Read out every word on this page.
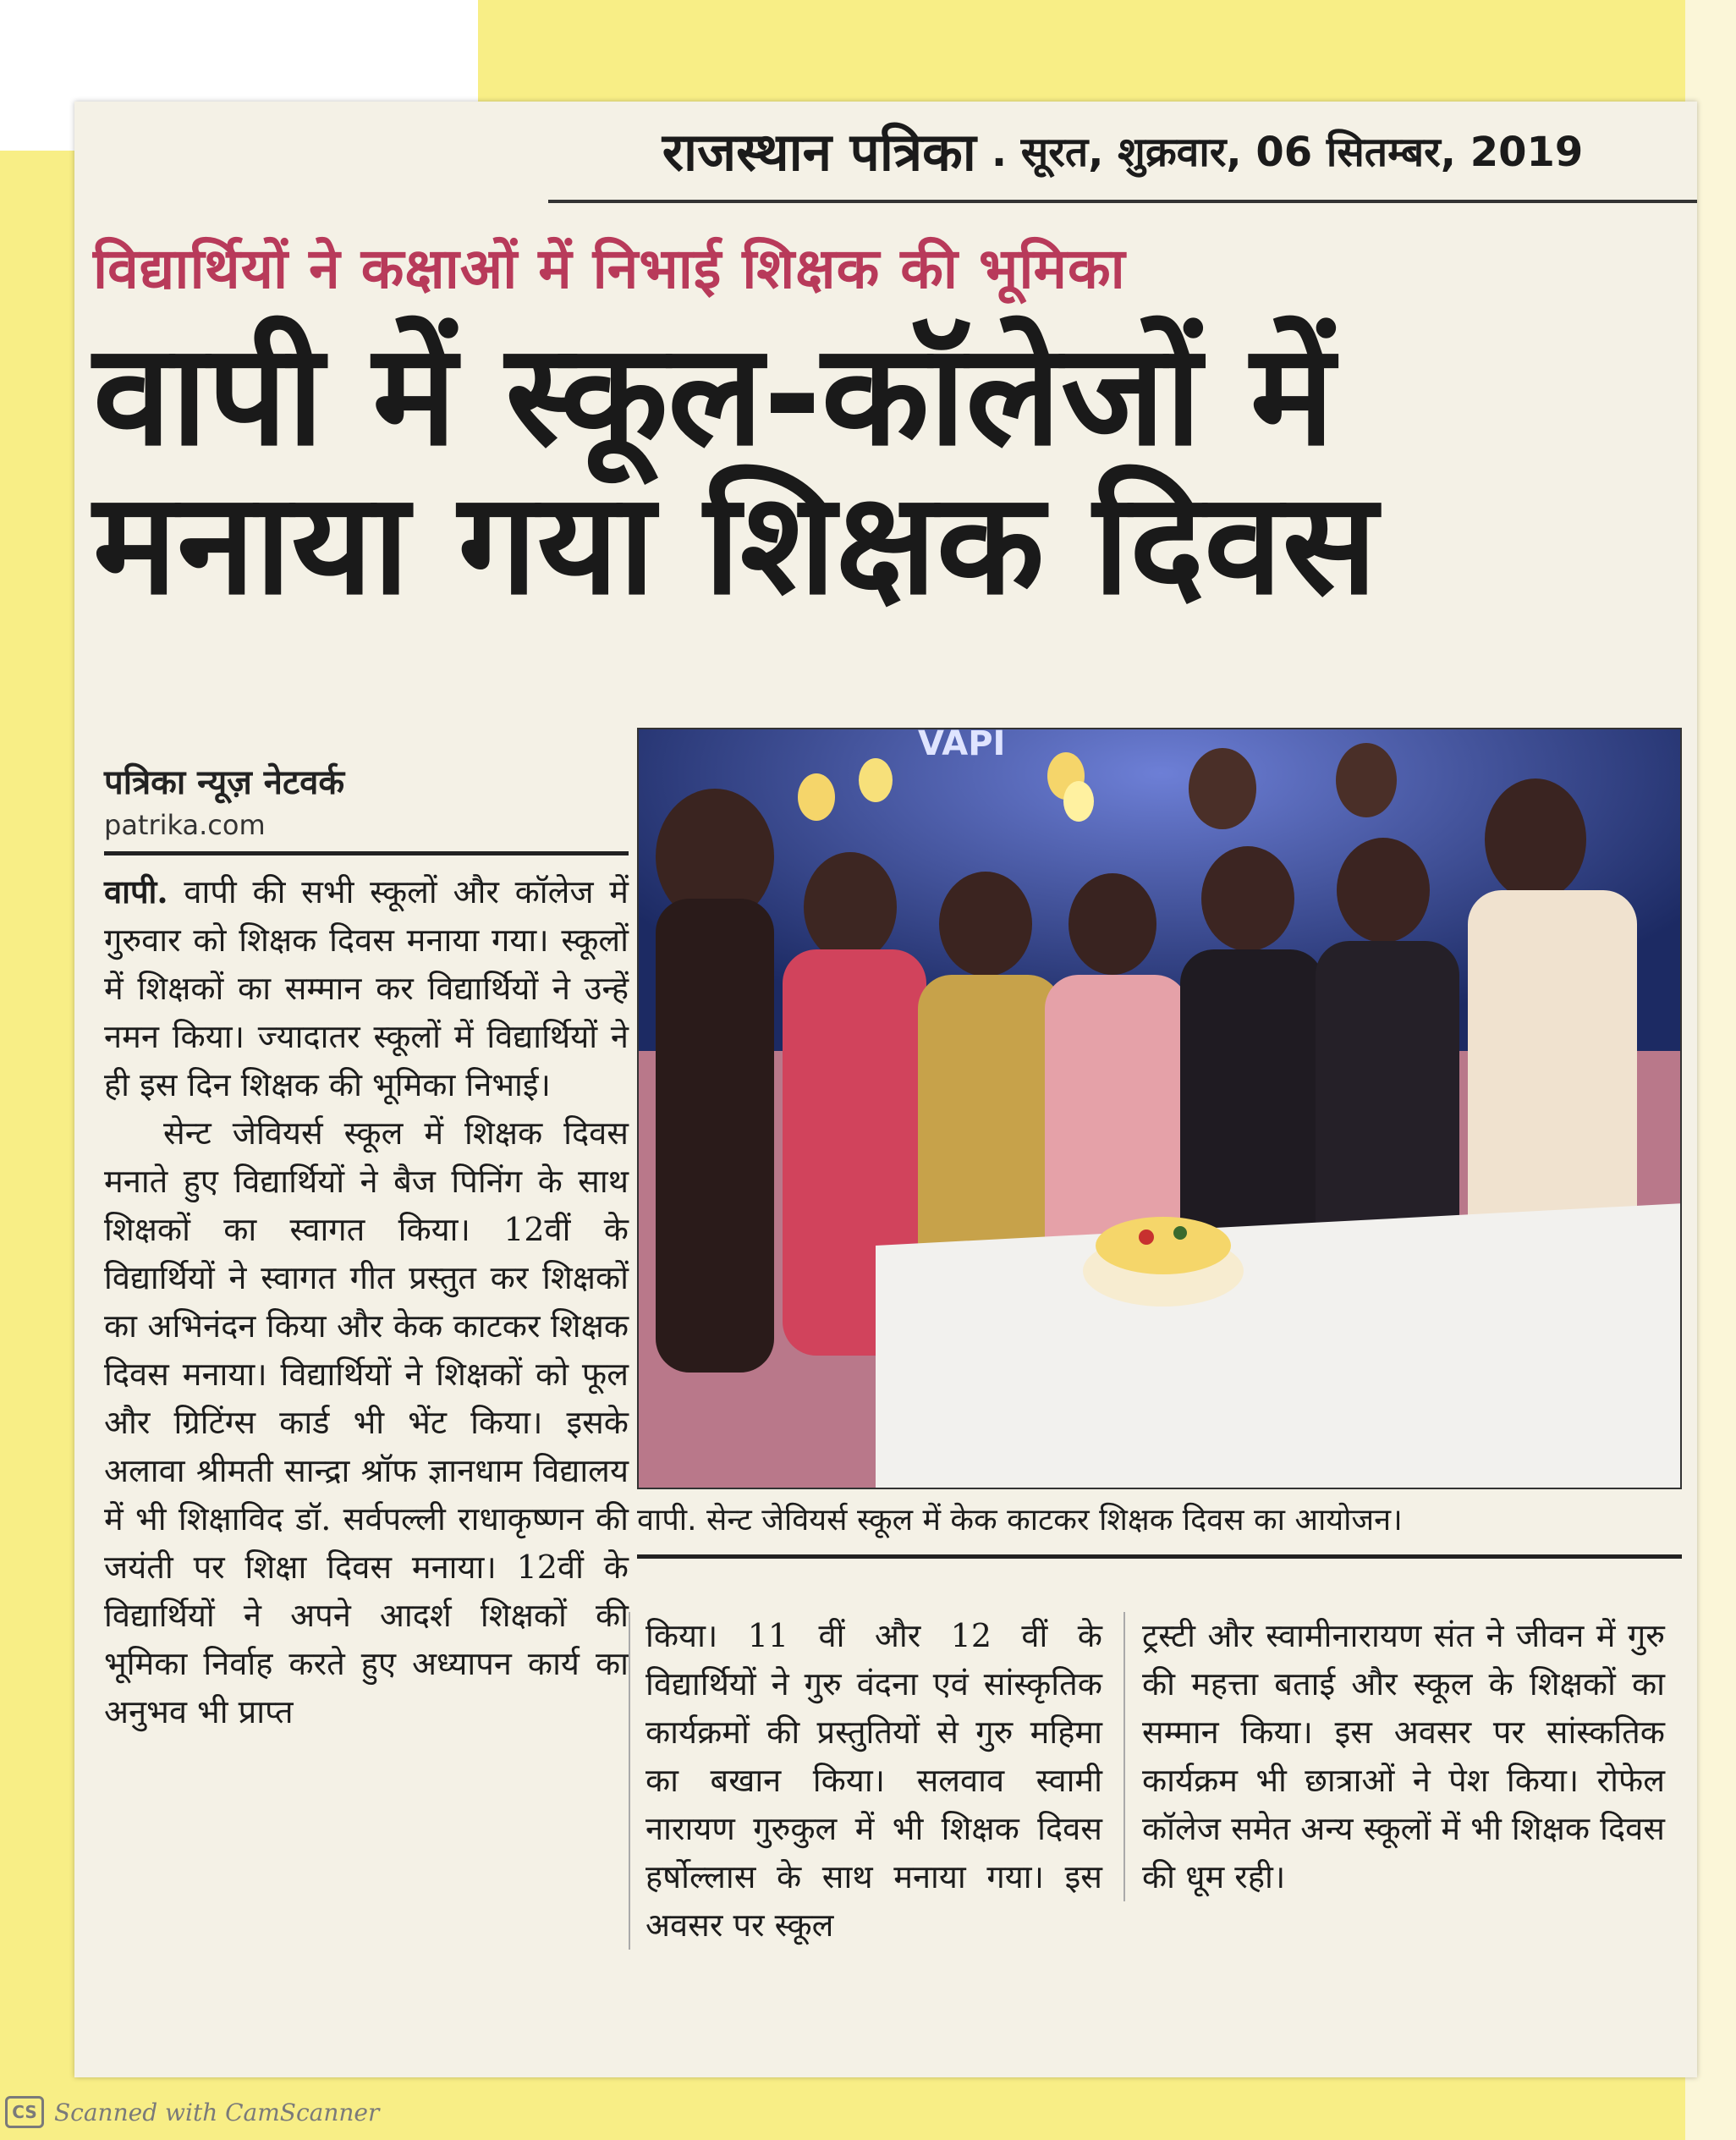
राजस्थान पत्रिका . सूरत, शुक्रवार, 06 सितम्बर, 2019
विद्यार्थियों ने कक्षाओं में निभाई शिक्षक की भूमिका
वापी में स्कूल-कॉलेजों में
मनाया गया शिक्षक दिवस
पत्रिका न्यूज़ नेटवर्क
patrika.com

वापी. वापी की सभी स्कूलों और कॉलेज में गुरुवार को शिक्षक दिवस मनाया गया। स्कूलों में शिक्षकों का सम्मान कर विद्यार्थियों ने उन्हें नमन किया। ज्यादातर स्कूलों में विद्यार्थियों ने ही इस दिन शिक्षक की भूमिका निभाई।

सेन्ट जेवियर्स स्कूल में शिक्षक दिवस मनाते हुए विद्यार्थियों ने बैज पिनिंग के साथ शिक्षकों का स्वागत किया। 12वीं के विद्यार्थियों ने स्वागत गीत प्रस्तुत कर शिक्षकों का अभिनंदन किया और केक काटकर शिक्षक दिवस मनाया। विद्यार्थियों ने शिक्षकों को फूल और ग्रिटिंग्स कार्ड भी भेंट किया। इसके अलावा श्रीमती सान्द्रा श्रॉफ ज्ञानधाम विद्यालय में भी शिक्षाविद डॉ. सर्वपल्ली राधाकृष्णन की जयंती पर शिक्षा दिवस मनाया। 12वीं के विद्यार्थियों ने अपने आदर्श शिक्षकों की भूमिका निर्वाह करते हुए अध्यापन कार्य का अनुभव भी प्राप्त

VAPI
वापी. सेन्ट जेवियर्स स्कूल में केक काटकर शिक्षक दिवस का आयोजन।

किया। 11 वीं और 12 वीं के विद्यार्थियों ने गुरु वंदना एवं सांस्कृतिक कार्यक्रमों की प्रस्तुतियों से गुरु महिमा का बखान किया। सलवाव स्वामी नारायण गुरुकुल में भी शिक्षक दिवस हर्षोल्लास के साथ मनाया गया। इस अवसर पर स्कूल

ट्रस्टी और स्वामीनारायण संत ने जीवन में गुरु की महत्ता बताई और स्कूल के शिक्षकों का सम्मान किया। इस अवसर पर सांस्कतिक कार्यक्रम भी छात्राओं ने पेश किया। रोफेल कॉलेज समेत अन्य स्कूलों में भी शिक्षक दिवस की धूम रही।

CS Scanned with CamScanner
